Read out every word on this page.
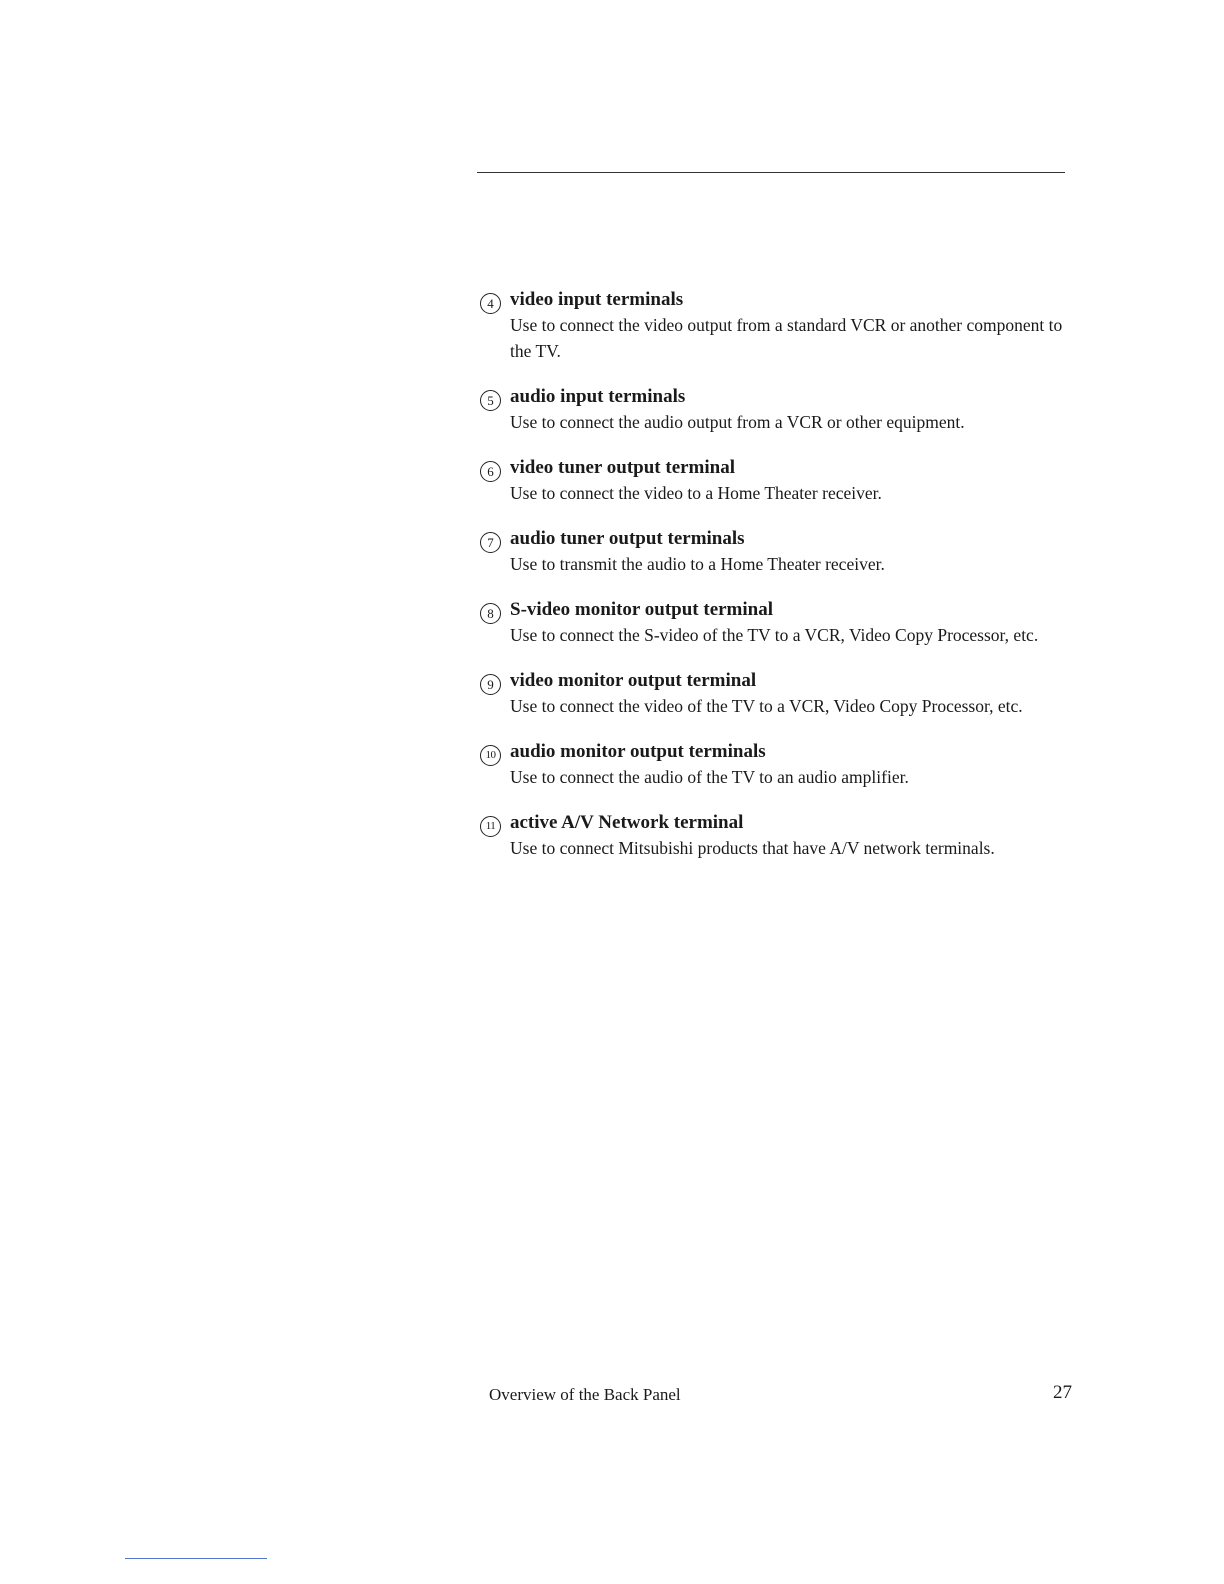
4 video input terminals
Use to connect the video output from a standard VCR or another component to the TV.
5 audio input terminals
Use to connect the audio output from a VCR or other equipment.
6 video tuner output terminal
Use to connect the video to a Home Theater receiver.
7 audio tuner output terminals
Use to transmit the audio to a Home Theater receiver.
8 S-video monitor output terminal
Use to connect the S-video of the TV to a VCR, Video Copy Processor, etc.
9 video monitor output terminal
Use to connect the video of the TV to a VCR, Video Copy Processor, etc.
10 audio monitor output terminals
Use to connect the audio of the TV to an audio amplifier.
11 active A/V Network terminal
Use to connect Mitsubishi products that have A/V network terminals.
Overview of the Back Panel	27
